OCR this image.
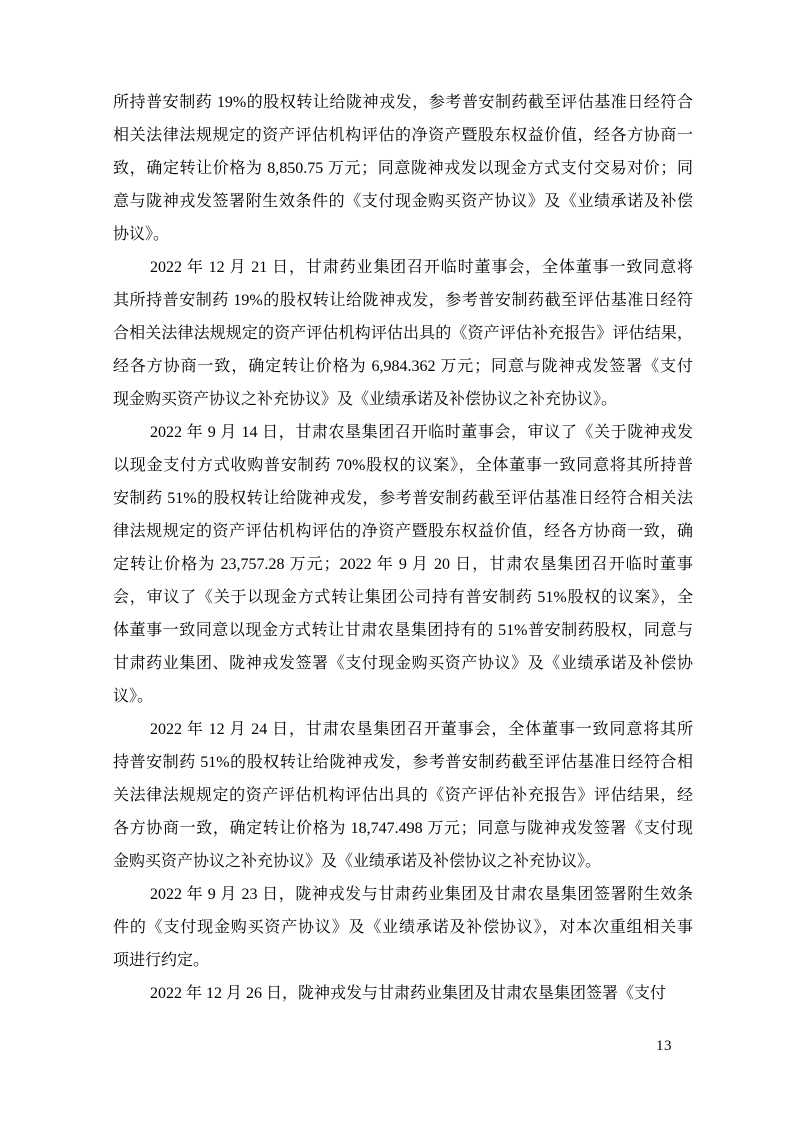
所持普安制药 19%的股权转让给陇神戎发，参考普安制药截至评估基准日经符合
相关法律法规规定的资产评估机构评估的净资产暨股东权益价值，经各方协商一
致，确定转让价格为 8,850.75 万元；同意陇神戎发以现金方式支付交易对价；同
意与陇神戎发签署附生效条件的《支付现金购买资产协议》及《业绩承诺及补偿
协议》。
2022 年 12 月 21 日，甘肃药业集团召开临时董事会，全体董事一致同意将
其所持普安制药 19%的股权转让给陇神戎发，参考普安制药截至评估基准日经符
合相关法律法规规定的资产评估机构评估出具的《资产评估补充报告》评估结果，
经各方协商一致，确定转让价格为 6,984.362 万元；同意与陇神戎发签署《支付
现金购买资产协议之补充协议》及《业绩承诺及补偿协议之补充协议》。
2022 年 9 月 14 日，甘肃农垦集团召开临时董事会，审议了《关于陇神戎发
以现金支付方式收购普安制药 70%股权的议案》，全体董事一致同意将其所持普
安制药 51%的股权转让给陇神戎发，参考普安制药截至评估基准日经符合相关法
律法规规定的资产评估机构评估的净资产暨股东权益价值，经各方协商一致，确
定转让价格为 23,757.28 万元；2022 年 9 月 20 日，甘肃农垦集团召开临时董事
会，审议了《关于以现金方式转让集团公司持有普安制药 51%股权的议案》，全
体董事一致同意以现金方式转让甘肃农垦集团持有的 51%普安制药股权，同意与
甘肃药业集团、陇神戎发签署《支付现金购买资产协议》及《业绩承诺及补偿协
议》。
2022 年 12 月 24 日，甘肃农垦集团召开董事会，全体董事一致同意将其所
持普安制药 51%的股权转让给陇神戎发，参考普安制药截至评估基准日经符合相
关法律法规规定的资产评估机构评估出具的《资产评估补充报告》评估结果，经
各方协商一致，确定转让价格为 18,747.498 万元；同意与陇神戎发签署《支付现
金购买资产协议之补充协议》及《业绩承诺及补偿协议之补充协议》。
2022 年 9 月 23 日，陇神戎发与甘肃药业集团及甘肃农垦集团签署附生效条
件的《支付现金购买资产协议》及《业绩承诺及补偿协议》，对本次重组相关事
项进行约定。
2022 年 12 月 26 日，陇神戎发与甘肃药业集团及甘肃农垦集团签署《支付
13
